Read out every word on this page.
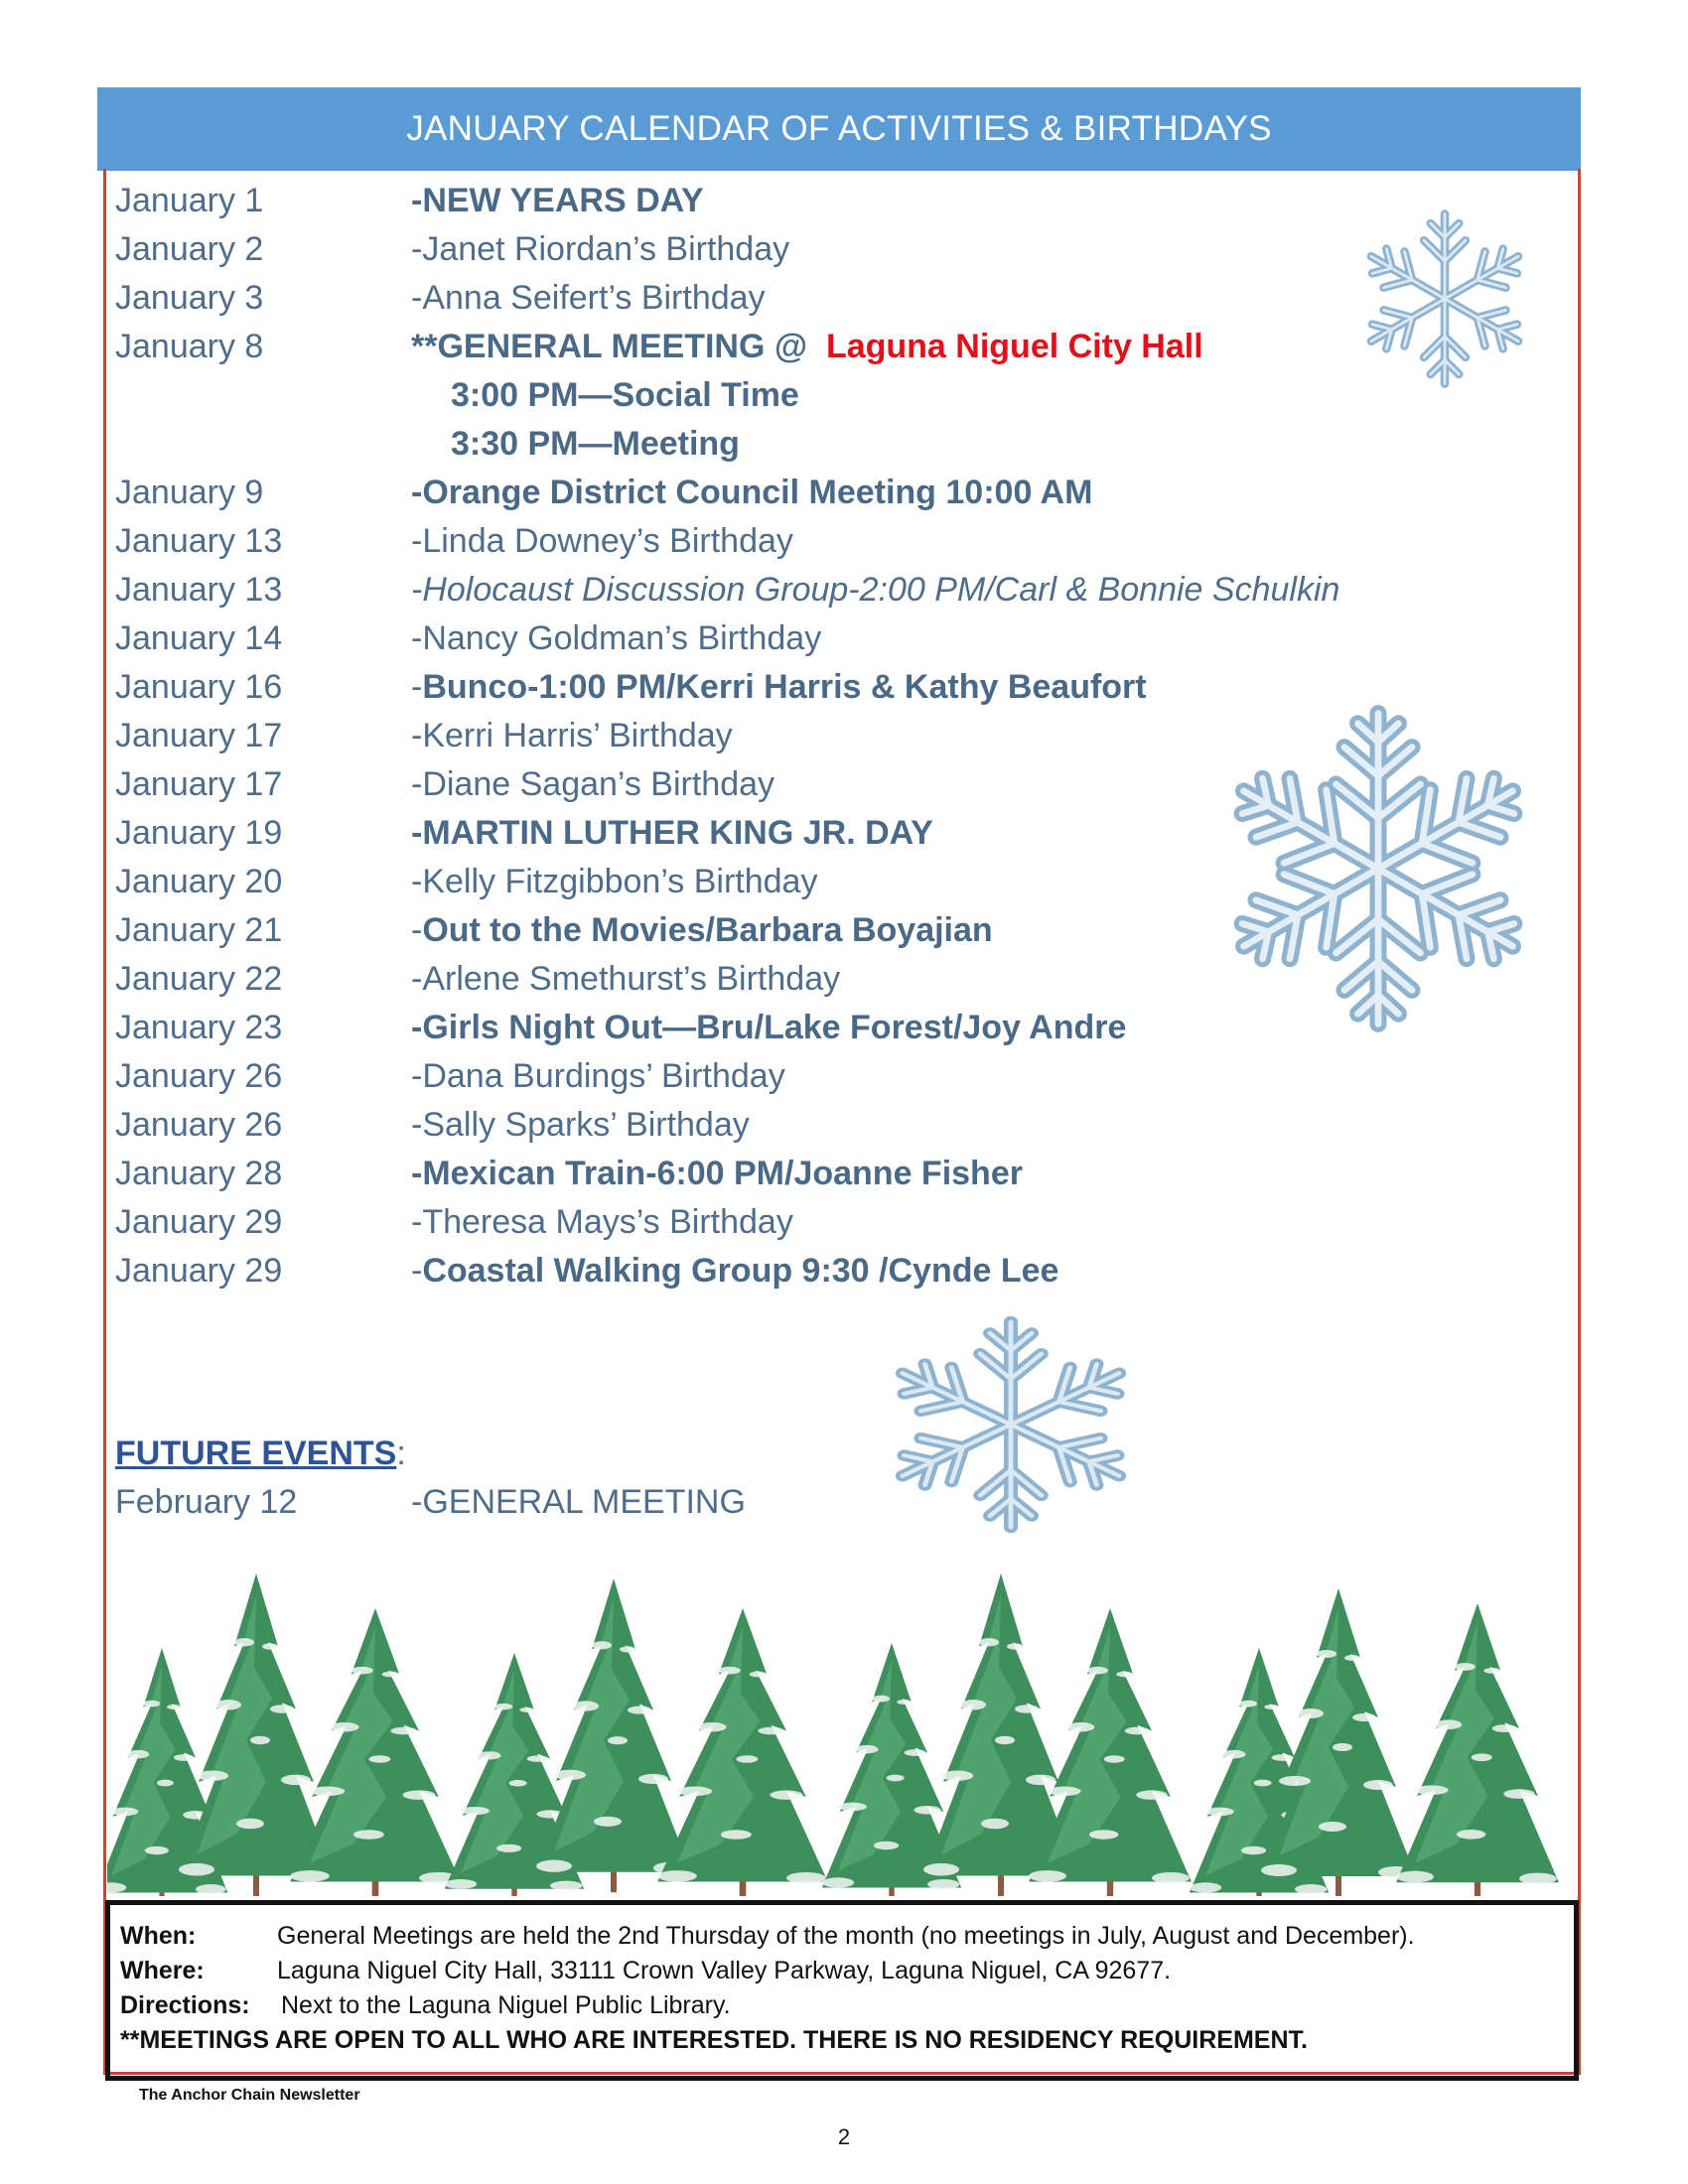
JANUARY CALENDAR OF ACTIVITIES & BIRTHDAYS
January 1	-NEW YEARS DAY
January 2	-Janet Riordan’s Birthday
January 3	-Anna Seifert’s Birthday
January 8	**GENERAL MEETING @ Laguna Niguel City Hall
3:00 PM—Social Time
3:30 PM—Meeting
January 9	-Orange District Council Meeting 10:00 AM
January 13	-Linda Downey’s Birthday
January 13	-Holocaust Discussion Group-2:00 PM/Carl & Bonnie Schulkin
January 14	-Nancy Goldman’s Birthday
January 16	-Bunco-1:00 PM/Kerri Harris & Kathy Beaufort
January 17	-Kerri Harris’ Birthday
January 17	-Diane Sagan’s Birthday
January 19	-MARTIN LUTHER KING JR. DAY
January 20	-Kelly Fitzgibbon’s Birthday
January 21	-Out to the Movies/Barbara Boyajian
January 22	-Arlene Smethurst’s Birthday
January 23	-Girls Night Out—Bru/Lake Forest/Joy Andre
January 26	-Dana Burdings’ Birthday
January 26	-Sally Sparks’ Birthday
January 28	-Mexican Train-6:00 PM/Joanne Fisher
January 29	-Theresa Mays’s Birthday
January 29	-Coastal Walking Group 9:30 /Cynde Lee
FUTURE EVENTS:
February 12	-GENERAL MEETING
When:	General Meetings are held the 2nd Thursday of the month (no meetings in July, August and December).
Where:	Laguna Niguel City Hall, 33111 Crown Valley Parkway, Laguna Niguel, CA 92677.
Directions: Next to the Laguna Niguel Public Library.
**MEETINGS ARE OPEN TO ALL WHO ARE INTERESTED. THERE IS NO RESIDENCY REQUIREMENT.
The Anchor Chain Newsletter
2
